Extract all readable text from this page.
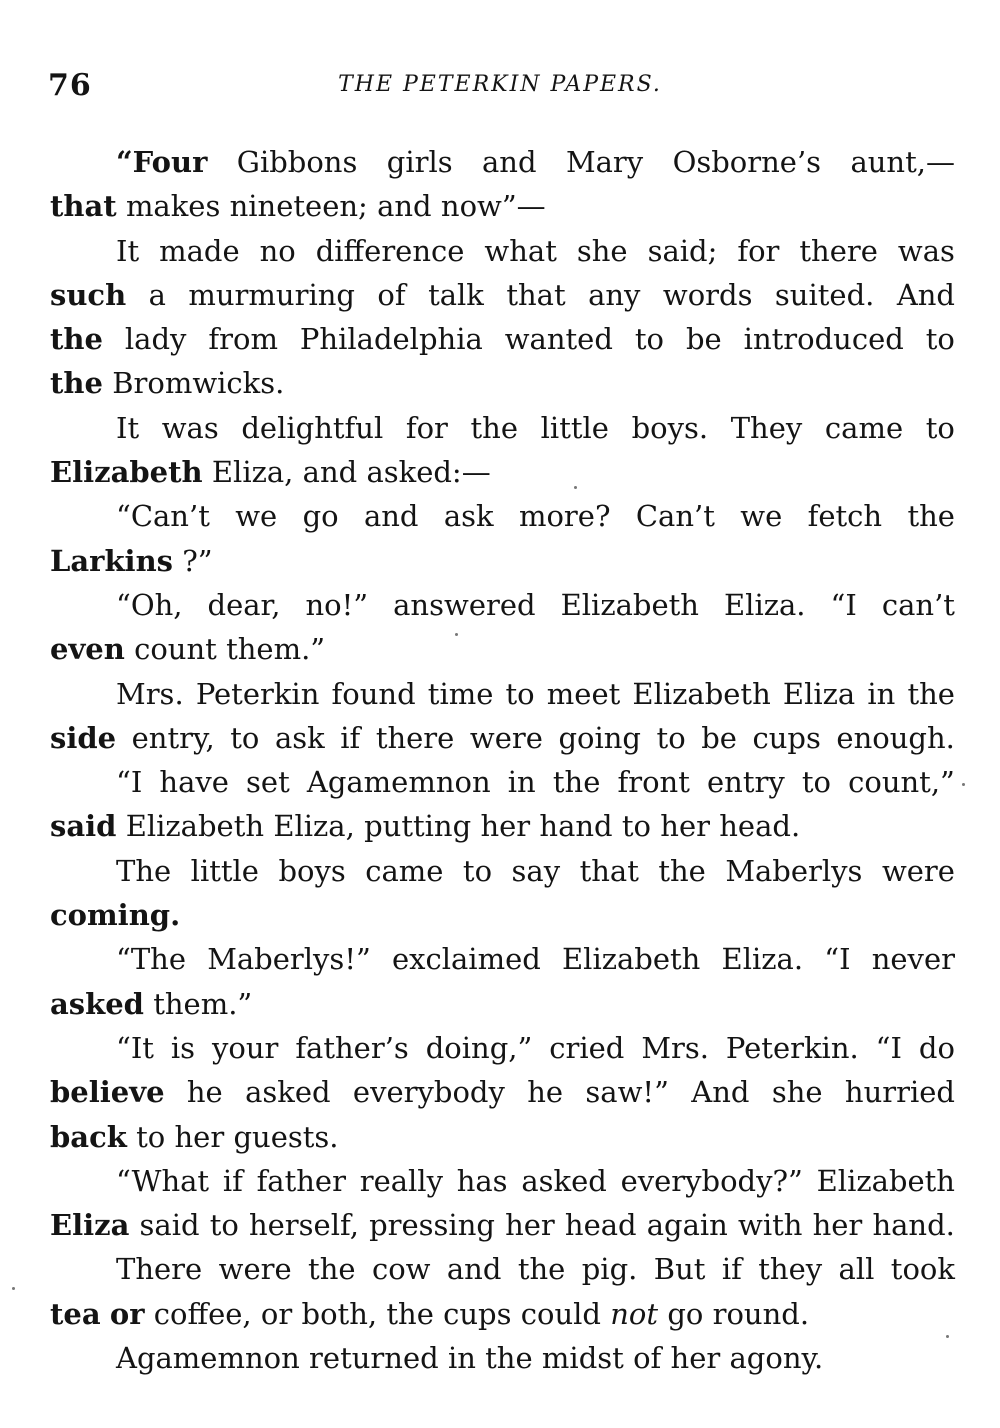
76	THE PETERKIN PAPERS.
“Four Gibbons girls and Mary Osborne’s aunt,—
that makes nineteen; and now”—
It made no difference what she said; for there was
such a murmuring of talk that any words suited. And
the lady from Philadelphia wanted to be introduced to
the Bromwicks.
It was delightful for the little boys. They came to
Elizabeth Eliza, and asked:—
“Can’t we go and ask more? Can’t we fetch the
Larkins ?”
“Oh, dear, no!” answered Elizabeth Eliza. “I can’t
even count them.”
Mrs. Peterkin found time to meet Elizabeth Eliza in the
side entry, to ask if there were going to be cups enough.
“I have set Agamemnon in the front entry to count,”
said Elizabeth Eliza, putting her hand to her head.
The little boys came to say that the Maberlys were
coming.
“The Maberlys!” exclaimed Elizabeth Eliza. “I never
asked them.”
“It is your father’s doing,” cried Mrs. Peterkin. “I do
believe he asked everybody he saw!” And she hurried
back to her guests.
“What if father really has asked everybody?” Elizabeth
Eliza said to herself, pressing her head again with her hand.
There were the cow and the pig. But if they all took
tea or coffee, or both, the cups could not go round.
Agamemnon returned in the midst of her agony.
